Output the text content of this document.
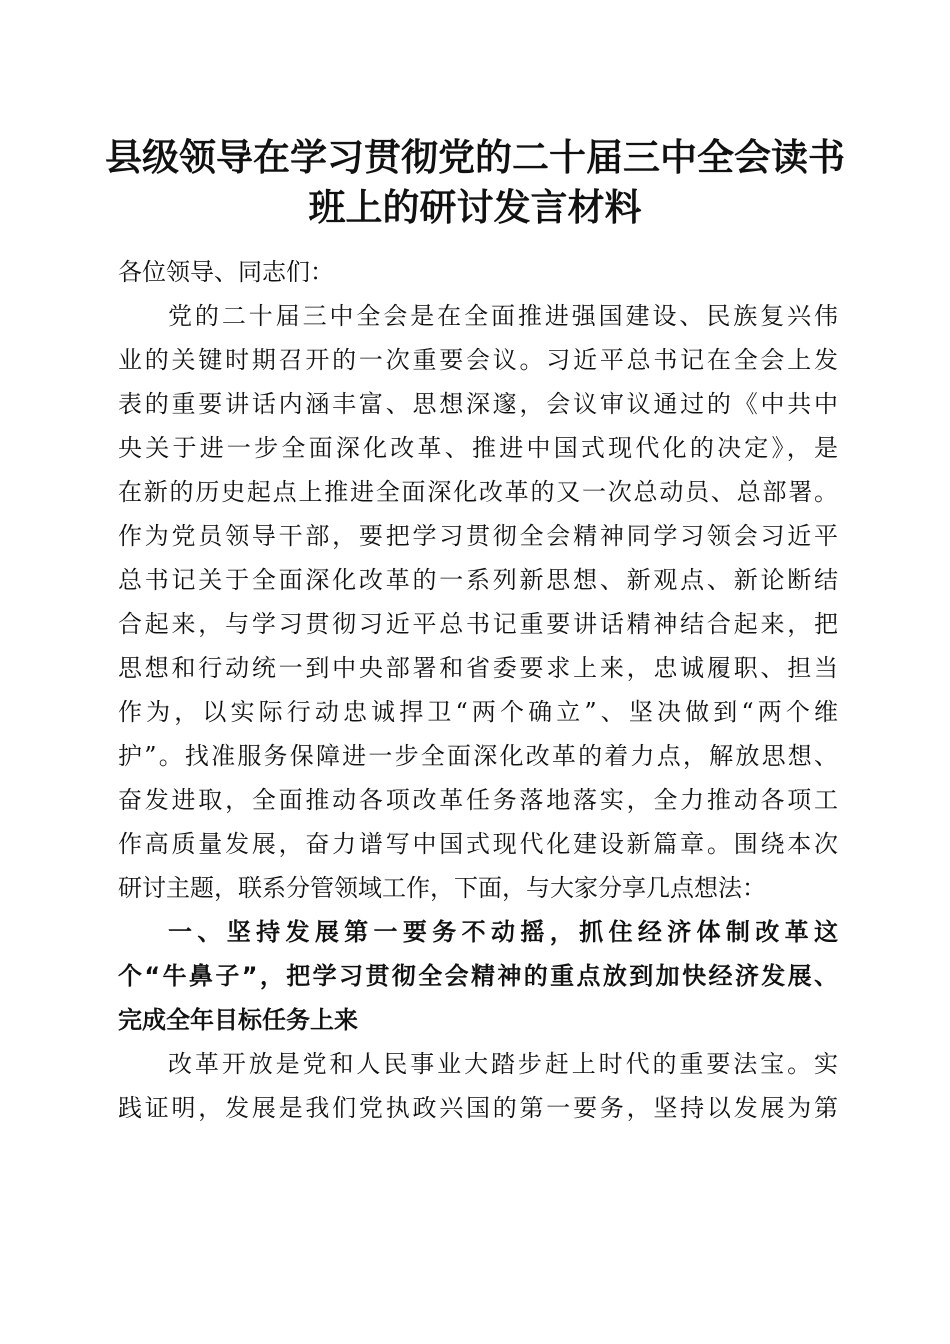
县级领导在学习贯彻党的二十届三中全会读书
班上的研讨发言材料
各位领导、同志们：
党的二十届三中全会是在全面推进强国建设、民族复兴伟
业的关键时期召开的一次重要会议。习近平总书记在全会上发
表的重要讲话内涵丰富、思想深邃，会议审议通过的《中共中
央关于进一步全面深化改革、推进中国式现代化的决定》，是
在新的历史起点上推进全面深化改革的又一次总动员、总部署。
作为党员领导干部，要把学习贯彻全会精神同学习领会习近平
总书记关于全面深化改革的一系列新思想、新观点、新论断结
合起来，与学习贯彻习近平总书记重要讲话精神结合起来，把
思想和行动统一到中央部署和省委要求上来，忠诚履职、担当
作为，以实际行动忠诚捍卫“两个确立”、坚决做到“两个维
护”。找准服务保障进一步全面深化改革的着力点，解放思想、
奋发进取，全面推动各项改革任务落地落实，全力推动各项工
作高质量发展，奋力谱写中国式现代化建设新篇章。围绕本次
研讨主题，联系分管领域工作，下面，与大家分享几点想法：
一、坚持发展第一要务不动摇，抓住经济体制改革这
个“牛鼻子”，把学习贯彻全会精神的重点放到加快经济发展、
完成全年目标任务上来
改革开放是党和人民事业大踏步赶上时代的重要法宝。实
践证明，发展是我们党执政兴国的第一要务，坚持以发展为第
